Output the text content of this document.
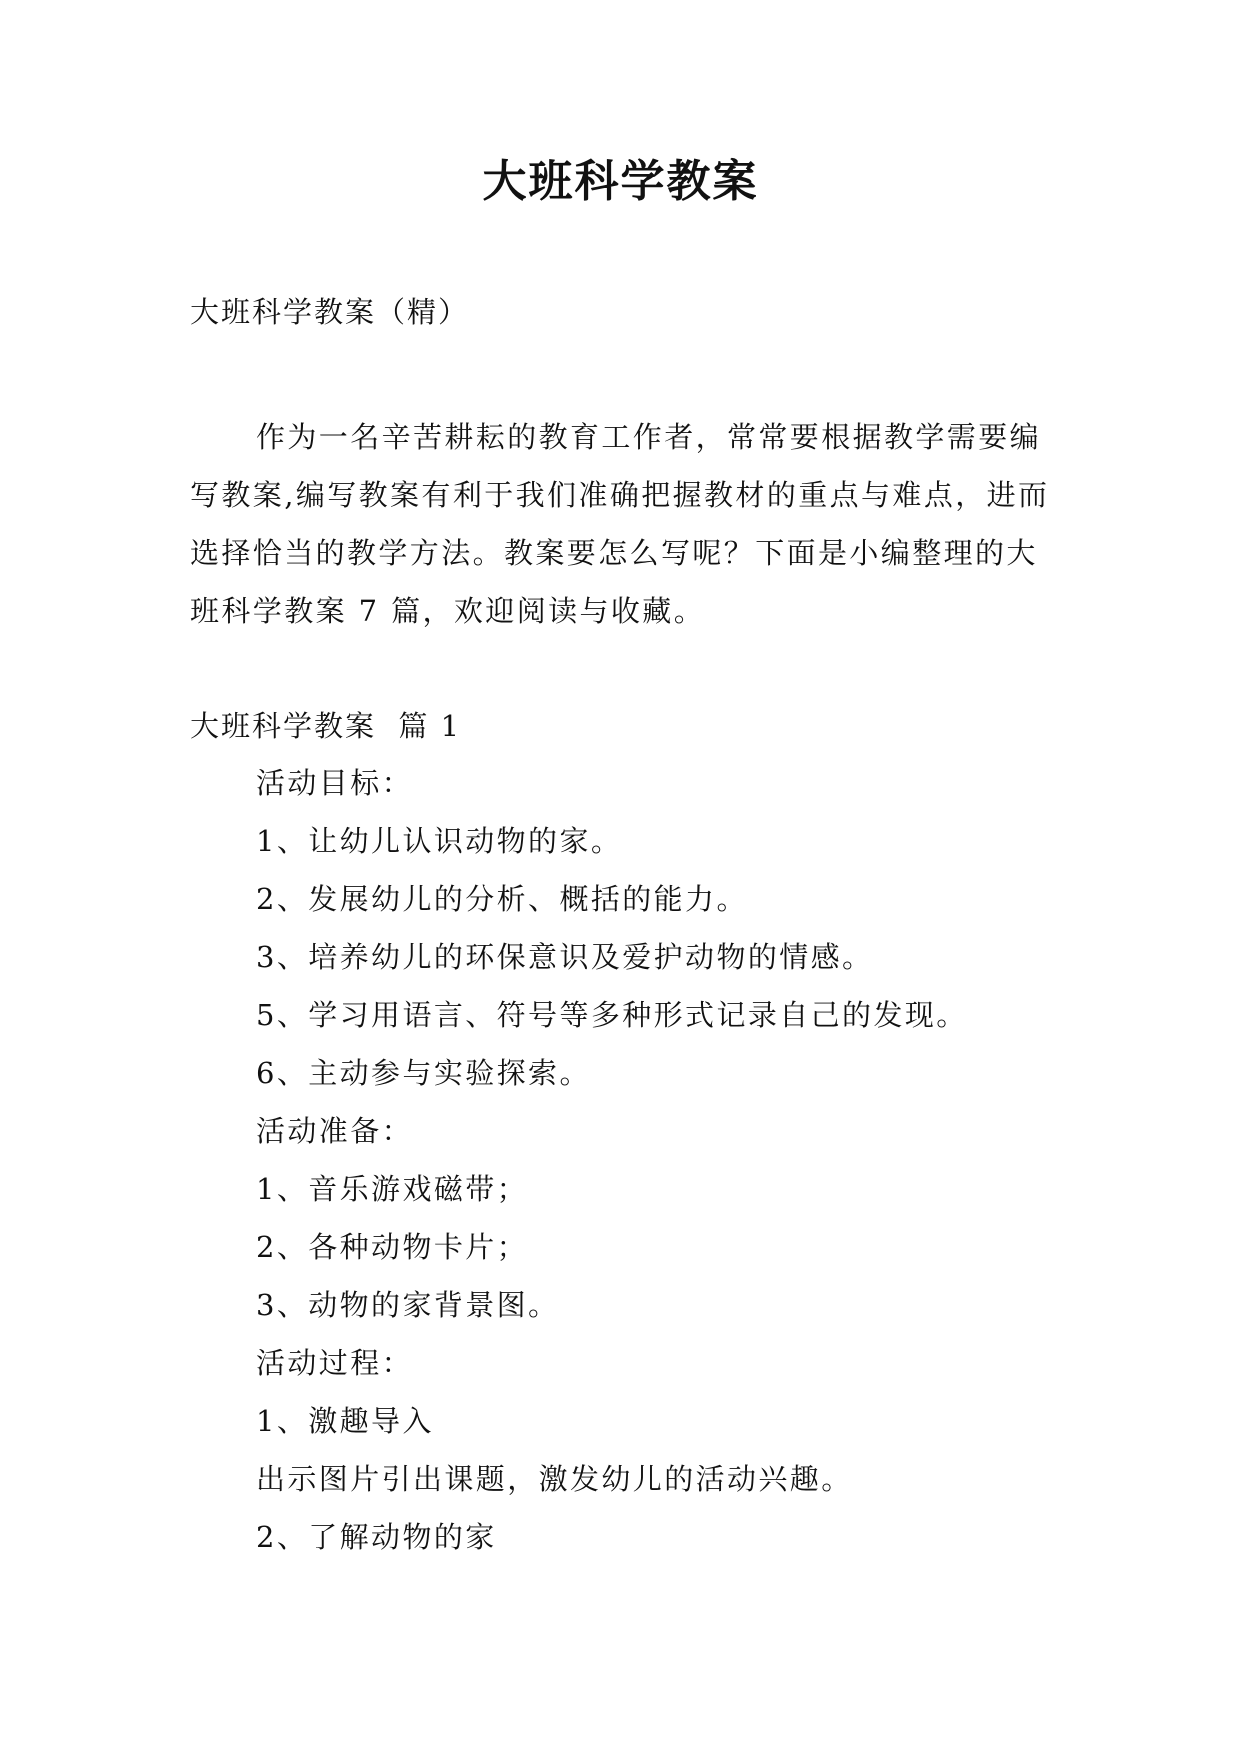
大班科学教案

大班科学教案（精）

作为一名辛苦耕耘的教育工作者，常常要根据教学需要编写教案,编写教案有利于我们准确把握教材的重点与难点，进而选择恰当的教学方法。教案要怎么写呢？下面是小编整理的大班科学教案 7 篇，欢迎阅读与收藏。

大班科学教案  篇 1

活动目标：
1、让幼儿认识动物的家。
2、发展幼儿的分析、概括的能力。
3、培养幼儿的环保意识及爱护动物的情感。
5、学习用语言、符号等多种形式记录自己的发现。
6、主动参与实验探索。
活动准备：
1、音乐游戏磁带；
2、各种动物卡片；
3、动物的家背景图。
活动过程：
1、激趣导入
出示图片引出课题，激发幼儿的活动兴趣。
2、了解动物的家
